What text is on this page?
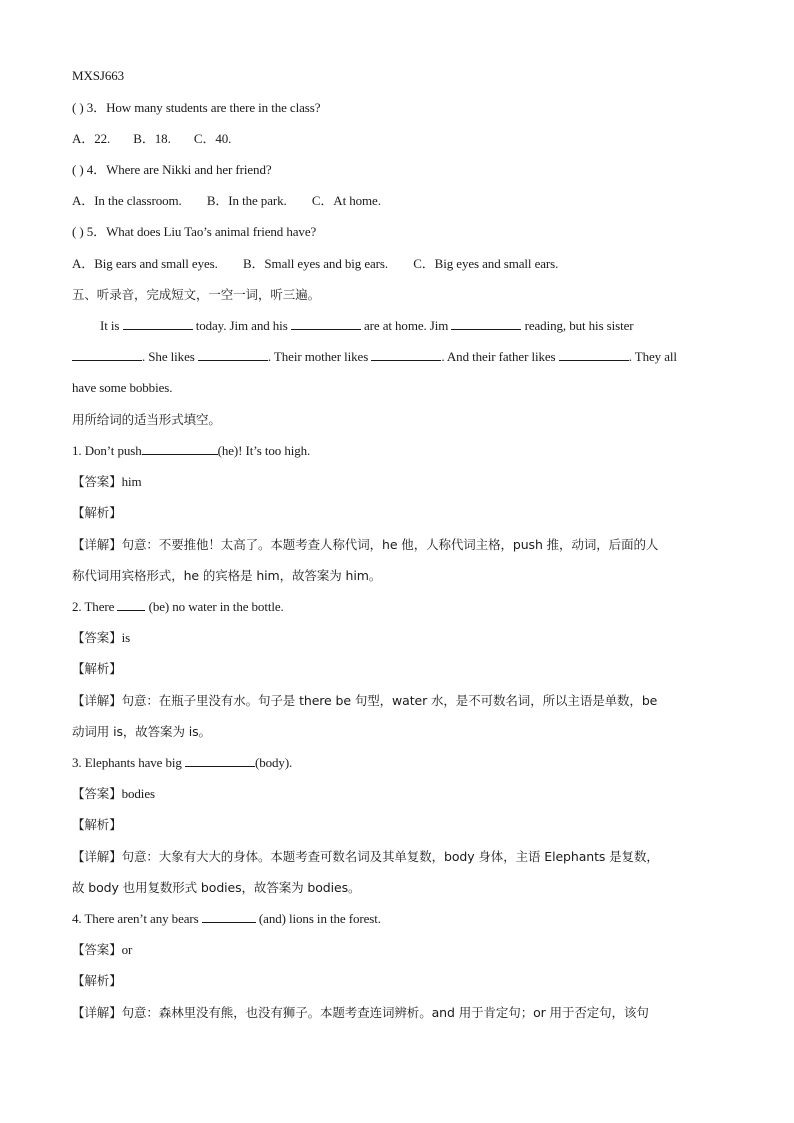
MXSJ663
( ) 3．How many students are there in the class?
A．22. B．18. C．40.
( ) 4．Where are Nikki and her friend?
A．In the classroom. B．In the park. C．At home.
( ) 5．What does Liu Tao’s animal friend have?
A．Big ears and small eyes. B．Small eyes and big ears. C．Big eyes and small ears.
五、听录音，完成短文，一空一词，听三遍。
It is	today. Jim and his	are at home. Jim	reading, but his sister
. She likes	. Their mother likes	. And their father likes	. They all
have some bobbies.
用所给词的适当形式填空。
1. Don’t push	(he)! It’s too high.
【答案】him
【解析】
【详解】句意：不要推他！太高了。本题考查人称代词，he 他，人称代词主格，push 推，动词，后面的人
称代词用宾格形式，he 的宾格是 him，故答案为 him。
2. There	(be) no water in the bottle.
【答案】is
【解析】
【详解】句意：在瓶子里没有水。句子是 there be 句型，water 水，是不可数名词，所以主语是单数，be
动词用 is，故答案为 is。
3. Elephants have big	(body).
【答案】bodies
【解析】
【详解】句意：大象有大大的身体。本题考查可数名词及其单复数，body 身体，主语 Elephants 是复数，
故 body 也用复数形式 bodies，故答案为 bodies。
4. There aren’t any bears	(and) lions in the forest.
【答案】or
【解析】
【详解】句意：森林里没有熊，也没有狮子。本题考查连词辨析。and 用于肯定句；or 用于否定句，该句
